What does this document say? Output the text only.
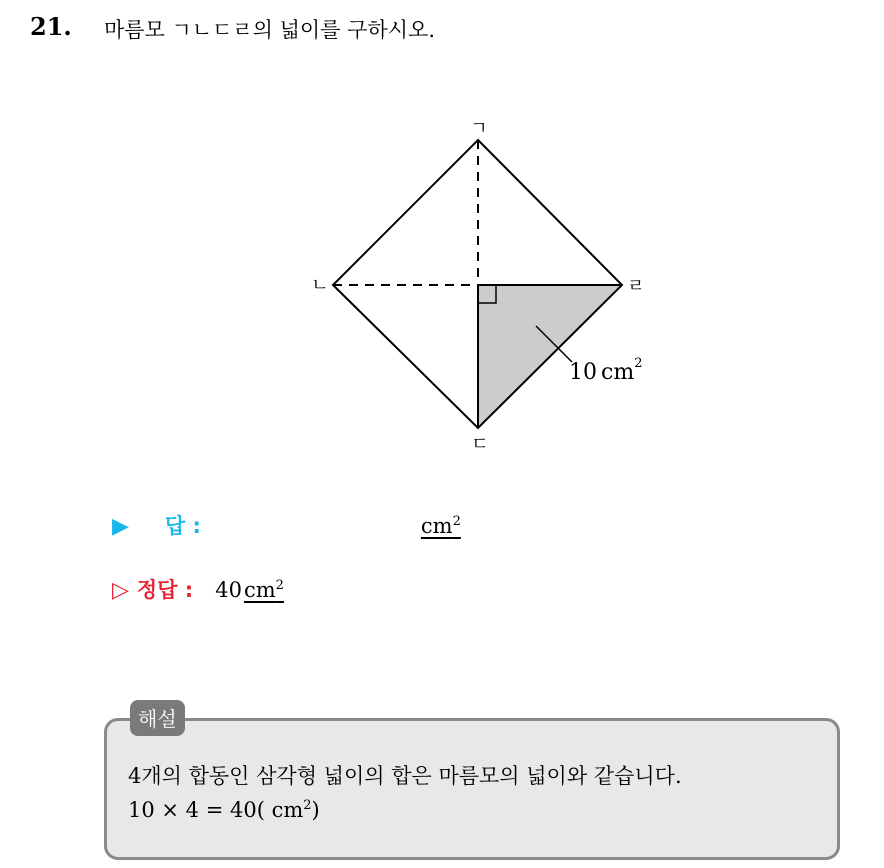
21. 마름모 ㄱㄴㄷㄹ의 넓이를 구하시오.
ㄱ
ㄴ
ㄷ
ㄹ
10 $cm^2$
▶ 답 :	$cm^2$
▷ 정답 : 40 $cm^2$
해설
4개의 합동인 삼각형 넓이의 합은 마름모의 넓이와 같습니다.
10 × 4 = 40( $cm^2$)
